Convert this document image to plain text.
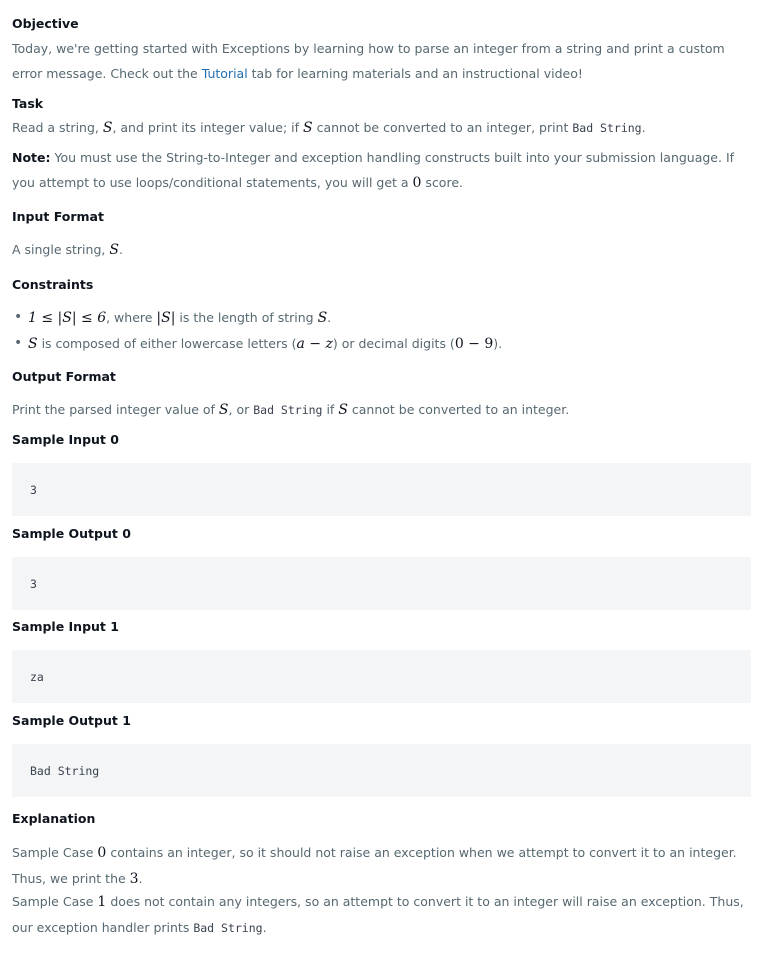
Objective

Today, we're getting started with Exceptions by learning how to parse an integer from a string and print a custom error message. Check out the Tutorial tab for learning materials and an instructional video!

Task

Read a string, S, and print its integer value; if S cannot be converted to an integer, print Bad String.

Note: You must use the String-to-Integer and exception handling constructs built into your submission language. If you attempt to use loops/conditional statements, you will get a 0 score.

Input Format

A single string, S.

Constraints
• 1 ≤ |S| ≤ 6, where |S| is the length of string S.
• S is composed of either lowercase letters (a − z) or decimal digits (0 − 9).
Output Format

Print the parsed integer value of S, or Bad String if S cannot be converted to an integer.

Sample Input 0
3
Sample Output 0
3
Sample Input 1
za
Sample Output 1
Bad String
Explanation

Sample Case 0 contains an integer, so it should not raise an exception when we attempt to convert it to an integer. Thus, we print the 3.

Sample Case 1 does not contain any integers, so an attempt to convert it to an integer will raise an exception. Thus, our exception handler prints Bad String.
